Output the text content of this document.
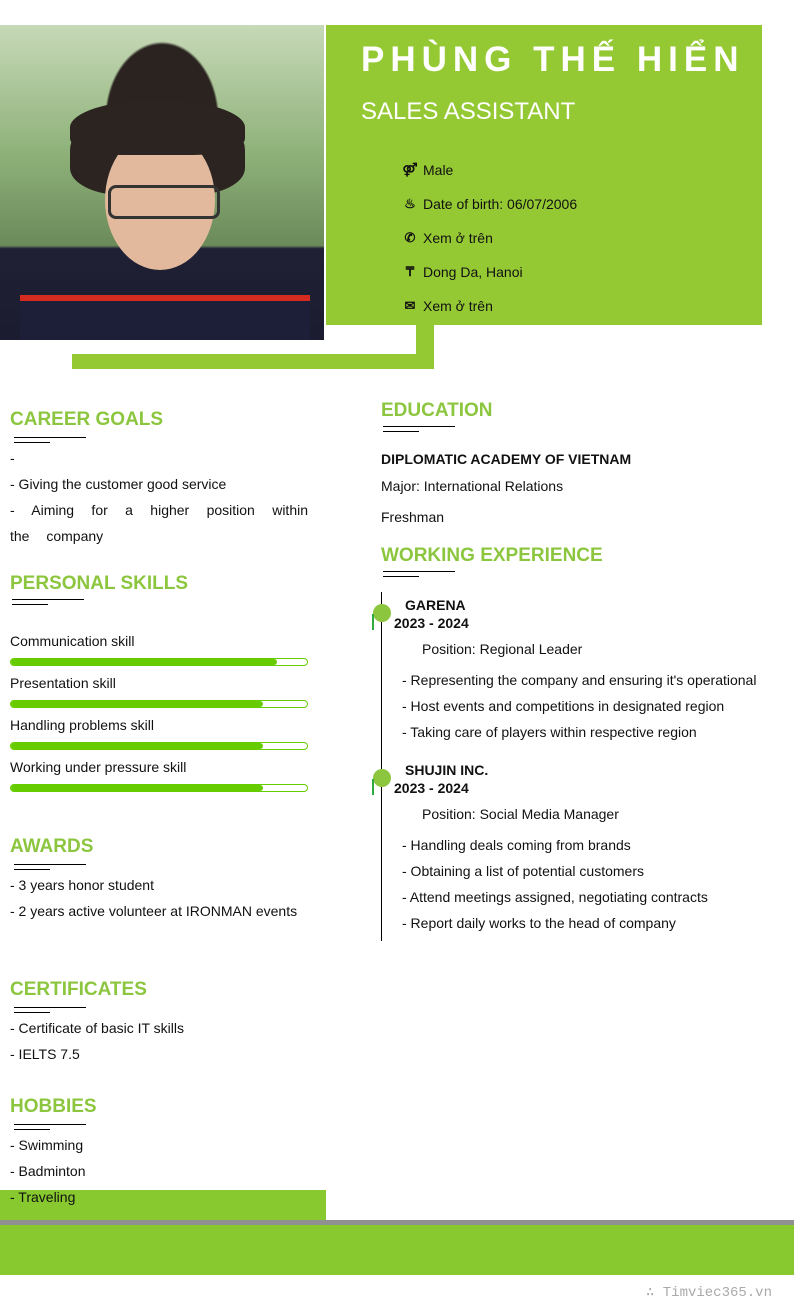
PHÙNG THẾ HIỂN
SALES ASSISTANT
⚤ Male
♨ Date of birth: 06/07/2006
✆ Xem ở trên
₸ Dong Da, Hanoi
✉ Xem ở trên
CAREER GOALS
-
- Giving the customer good service
- Aiming for a higher position within the company
PERSONAL SKILLS
Communication skill
Presentation skill
Handling problems skill
Working under pressure skill
AWARDS
- 3 years honor student
- 2 years active volunteer at IRONMAN events
CERTIFICATES
- Certificate of basic IT skills
- IELTS 7.5
HOBBIES
- Swimming
- Badminton
- Traveling
EDUCATION
DIPLOMATIC ACADEMY OF VIETNAM
Major: International Relations
Freshman
WORKING EXPERIENCE
GARENA
2023 - 2024
Position: Regional Leader
- Representing the company and ensuring it's operational
- Host events and competitions in designated region
- Taking care of players within respective region
SHUJIN INC.
2023 - 2024
Position: Social Media Manager
- Handling deals coming from brands
- Obtaining a list of potential customers
- Attend meetings assigned, negotiating contracts
- Report daily works to the head of company
∴ Timviec365.vn
